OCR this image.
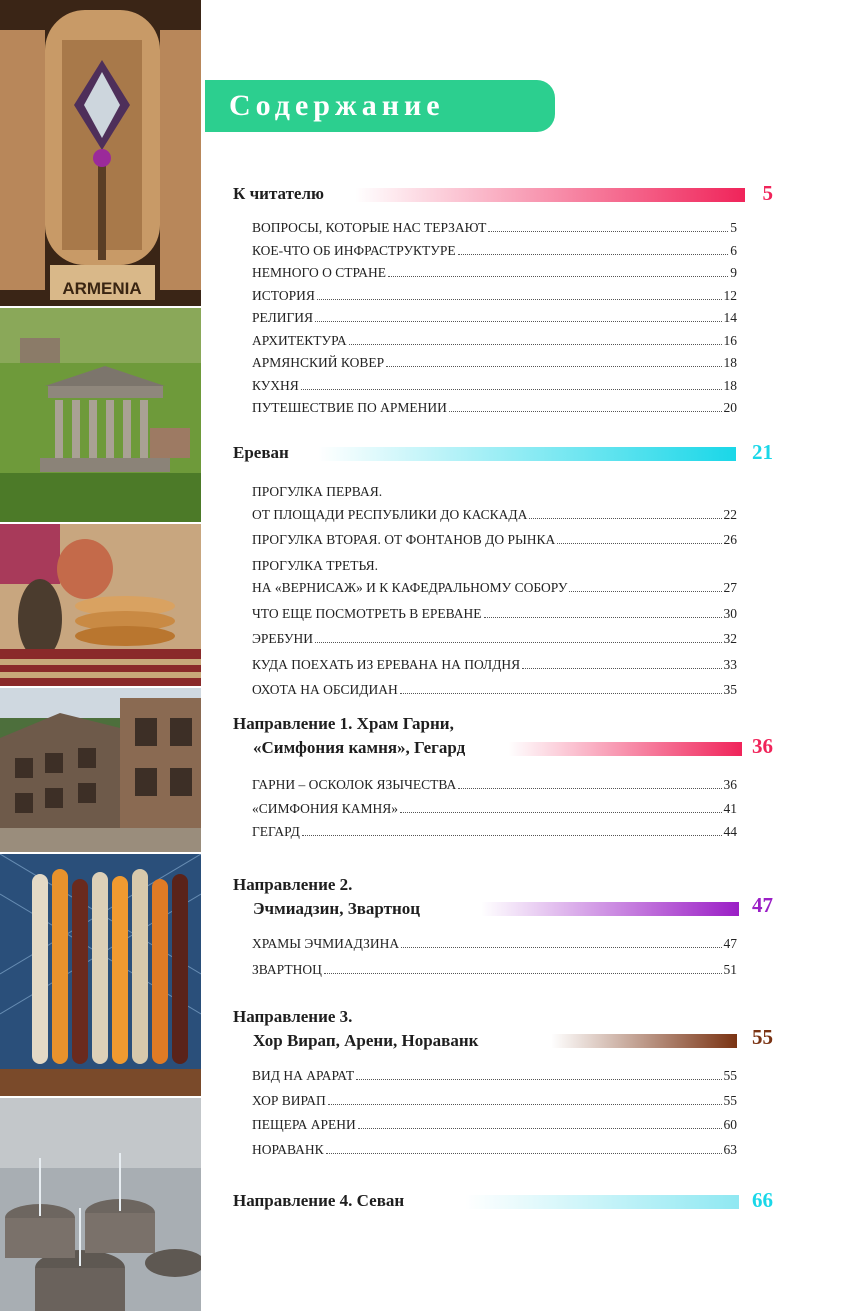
ARMENIA
Содержание
К читателю	5
ВОПРОСЫ, КОТОРЫЕ НАС ТЕРЗАЮТ	5
КОЕ-ЧТО ОБ ИНФРАСТРУКТУРЕ	6
НЕМНОГО О СТРАНЕ	9
ИСТОРИЯ	12
РЕЛИГИЯ	14
АРХИТЕКТУРА	16
АРМЯНСКИЙ КОВЕР	18
КУХНЯ	18
ПУТЕШЕСТВИЕ ПО АРМЕНИИ	20
Ереван	21
ПРОГУЛКА ПЕРВАЯ.
ОТ ПЛОЩАДИ РЕСПУБЛИКИ ДО КАСКАДА	22
ПРОГУЛКА ВТОРАЯ. ОТ ФОНТАНОВ ДО РЫНКА	26
ПРОГУЛКА ТРЕТЬЯ.
НА «ВЕРНИСАЖ» И К КАФЕДРАЛЬНОМУ СОБОРУ	27
ЧТО ЕЩЕ ПОСМОТРЕТЬ В ЕРЕВАНЕ	30
ЭРЕБУНИ	32
КУДА ПОЕХАТЬ ИЗ ЕРЕВАНА НА ПОЛДНЯ	33
ОХОТА НА ОБСИДИАН	35
Направление 1. Храм Гарни,
«Симфония камня», Гегард	36
ГАРНИ – ОСКОЛОК ЯЗЫЧЕСТВА	36
«СИМФОНИЯ КАМНЯ»	41
ГЕГАРД	44
Направление 2.
Эчмиадзин, Звартноц	47
ХРАМЫ ЭЧМИАДЗИНА	47
ЗВАРТНОЦ	51
Направление 3.
Хор Вирап, Арени, Нораванк	55
ВИД НА АРАРАТ	55
ХОР ВИРАП	55
ПЕЩЕРА АРЕНИ	60
НОРАВАНК	63
Направление 4. Севан	66
